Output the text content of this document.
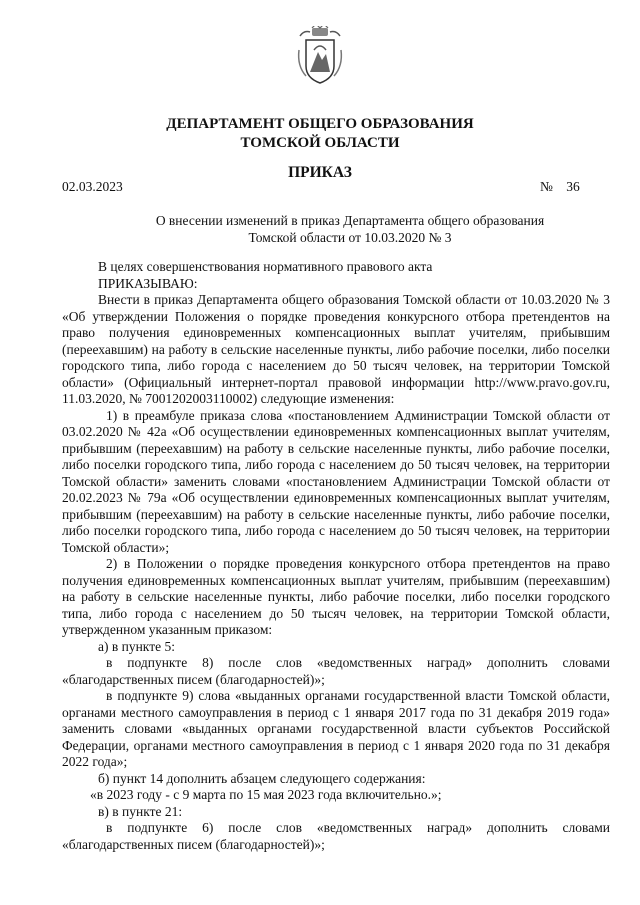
ДЕПАРТАМЕНТ ОБЩЕГО ОБРАЗОВАНИЯ
ТОМСКОЙ ОБЛАСТИ
ПРИКАЗ
02.03.2023	№ 36
О внесении изменений в приказ Департамента общего образования
Томской области от 10.03.2020 № 3

В целях совершенствования нормативного правового акта

ПРИКАЗЫВАЮ:

Внести в приказ Департамента общего образования Томской области от 10.03.2020 № 3 «Об утверждении Положения о порядке проведения конкурсного отбора претендентов на право получения единовременных компенсационных выплат учителям, прибывшим (переехавшим) на работу в сельские населенные пункты, либо рабочие поселки, либо поселки городского типа, либо города с населением до 50 тысяч человек, на территории Томской области» (Официальный интернет-портал правовой информации http://www.pravo.gov.ru, 11.03.2020, № 7001202003110002) следующие изменения:

1) в преамбуле приказа слова «постановлением Администрации Томской области от 03.02.2020 № 42а «Об осуществлении единовременных компенсационных выплат учителям, прибывшим (переехавшим) на работу в сельские населенные пункты, либо рабочие поселки, либо поселки городского типа, либо города с населением до 50 тысяч человек, на территории Томской области» заменить словами «постановлением Администрации Томской области от 20.02.2023 № 79а «Об осуществлении единовременных компенсационных выплат учителям, прибывшим (переехавшим) на работу в сельские населенные пункты, либо рабочие поселки, либо поселки городского типа, либо города с населением до 50 тысяч человек, на территории Томской области»;

2) в Положении о порядке проведения конкурсного отбора претендентов на право получения единовременных компенсационных выплат учителям, прибывшим (переехавшим) на работу в сельские населенные пункты, либо рабочие поселки, либо поселки городского типа, либо города с населением до 50 тысяч человек, на территории Томской области, утвержденном указанным приказом:

а) в пункте 5:

в подпункте 8) после слов «ведомственных наград» дополнить словами «благодарственных писем (благодарностей)»;

в подпункте 9) слова «выданных органами государственной власти Томской области, органами местного самоуправления в период с 1 января 2017 года по 31 декабря 2019 года» заменить словами «выданных органами государственной власти субъектов Российской Федерации, органами местного самоуправления в период с 1 января 2020 года по 31 декабря 2022 года»;

б) пункт 14 дополнить абзацем следующего содержания:

«в 2023 году - с 9 марта по 15 мая 2023 года включительно.»;

в) в пункте 21:

в подпункте 6) после слов «ведомственных наград» дополнить словами «благодарственных писем (благодарностей)»;
